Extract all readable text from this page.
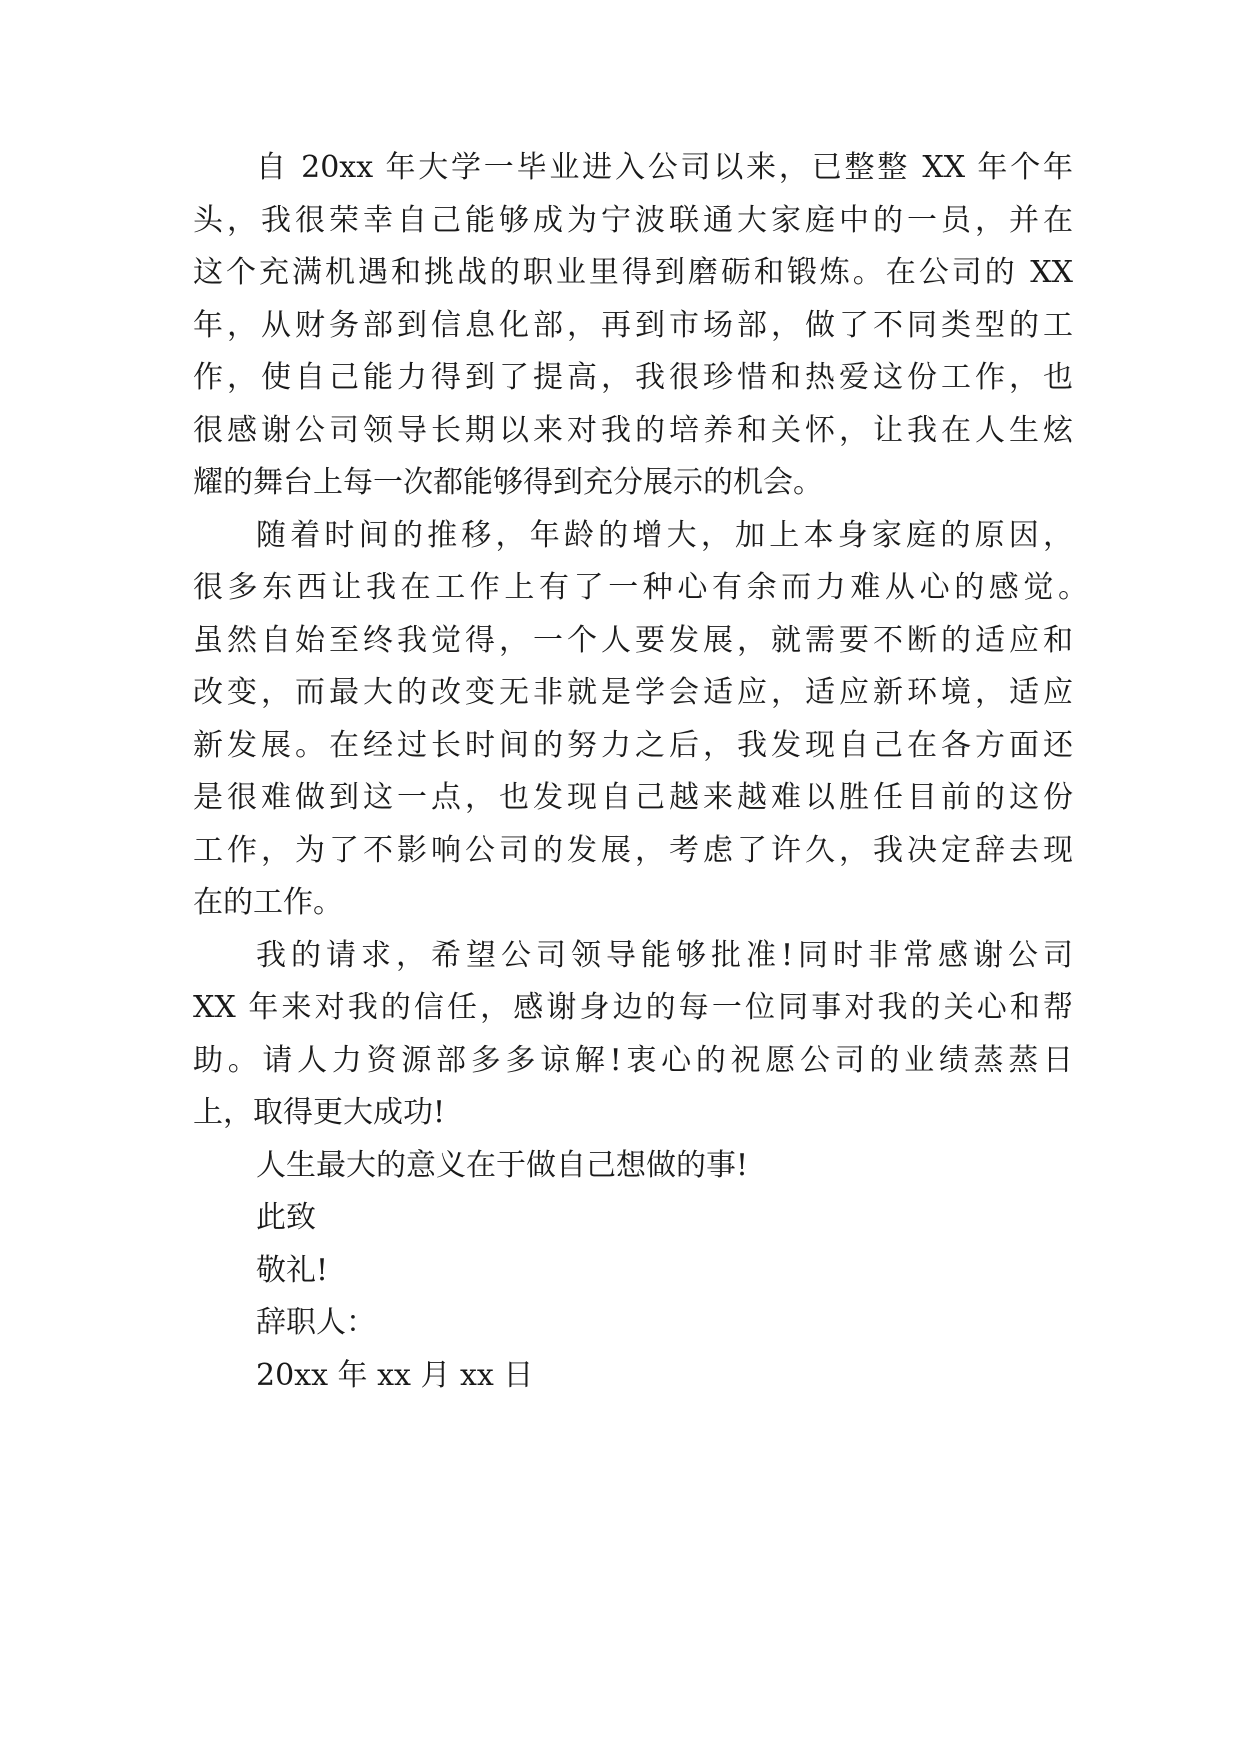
自 20xx 年大学一毕业进入公司以来，已整整 XX 年个年
头，我很荣幸自己能够成为宁波联通大家庭中的一员，并在
这个充满机遇和挑战的职业里得到磨砺和锻炼。在公司的 XX
年，从财务部到信息化部，再到市场部，做了不同类型的工
作，使自己能力得到了提高，我很珍惜和热爱这份工作，也
很感谢公司领导长期以来对我的培养和关怀，让我在人生炫
耀的舞台上每一次都能够得到充分展示的机会。
随着时间的推移，年龄的增大，加上本身家庭的原因，
很多东西让我在工作上有了一种心有余而力难从心的感觉。
虽然自始至终我觉得，一个人要发展，就需要不断的适应和
改变，而最大的改变无非就是学会适应，适应新环境，适应
新发展。在经过长时间的努力之后，我发现自己在各方面还
是很难做到这一点，也发现自己越来越难以胜任目前的这份
工作，为了不影响公司的发展，考虑了许久，我决定辞去现
在的工作。
我的请求，希望公司领导能够批准!同时非常感谢公司
XX 年来对我的信任，感谢身边的每一位同事对我的关心和帮
助。请人力资源部多多谅解!衷心的祝愿公司的业绩蒸蒸日
上，取得更大成功!
人生最大的意义在于做自己想做的事!
此致
敬礼!
辞职人：
20xx 年 xx 月 xx 日
